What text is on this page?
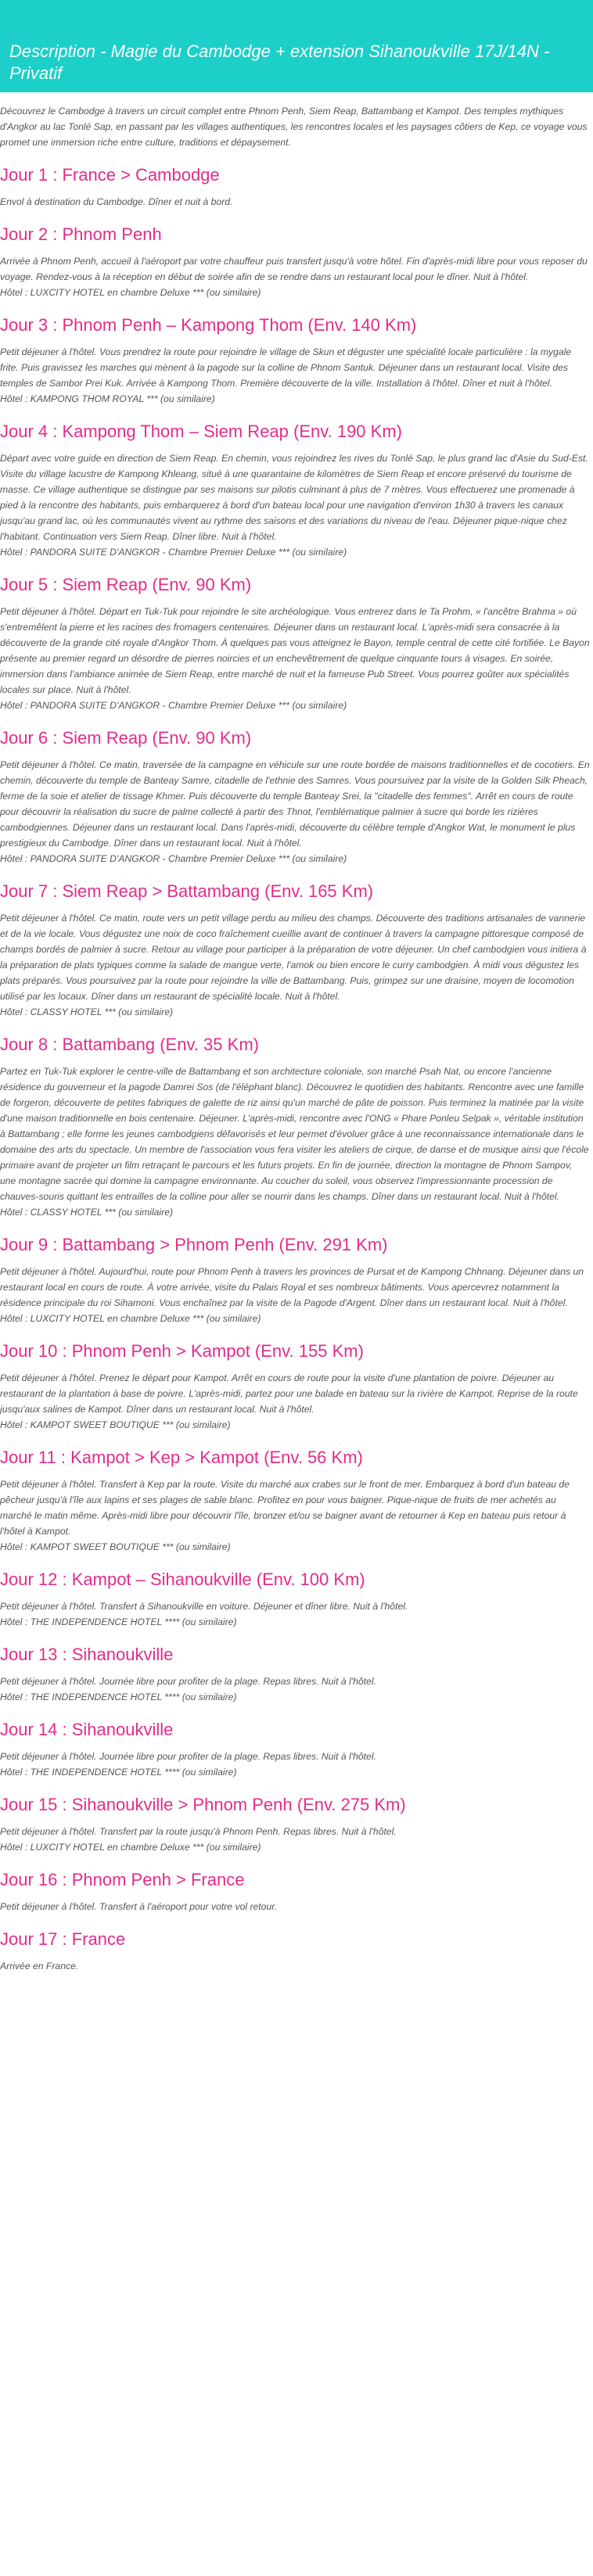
Description - Magie du Cambodge + extension Sihanoukville 17J/14N - Privatif

Découvrez le Cambodge à travers un circuit complet entre Phnom Penh, Siem Reap, Battambang et Kampot. Des temples mythiques d'Angkor au lac Tonlé Sap, en passant par les villages authentiques, les rencontres locales et les paysages côtiers de Kep, ce voyage vous promet une immersion riche entre culture, traditions et dépaysement.

Jour 1 : France > Cambodge

Envol à destination du Cambodge. Dîner et nuit à bord.

Jour 2 : Phnom Penh

Arrivée à Phnom Penh, accueil à l'aéroport par votre chauffeur puis transfert jusqu'à votre hôtel. Fin d'après-midi libre pour vous reposer du voyage. Rendez-vous à la réception en début de soirée afin de se rendre dans un restaurant local pour le dîner. Nuit à l'hôtel.

Hôtel : LUXCITY HOTEL en chambre Deluxe *** (ou similaire)

Jour 3 : Phnom Penh – Kampong Thom (Env. 140 Km)

Petit déjeuner à l'hôtel. Vous prendrez la route pour rejoindre le village de Skun et déguster une spécialité locale particulière : la mygale frite. Puis gravissez les marches qui mènent à la pagode sur la colline de Phnom Santuk. Déjeuner dans un restaurant local. Visite des temples de Sambor Prei Kuk. Arrivée à Kampong Thom. Première découverte de la ville. Installation à l'hôtel. Dîner et nuit à l'hôtel.

Hôtel : KAMPONG THOM ROYAL *** (ou similaire)

Jour 4 : Kampong Thom – Siem Reap (Env. 190 Km)

Départ avec votre guide en direction de Siem Reap. En chemin, vous rejoindrez les rives du Tonlé Sap, le plus grand lac d'Asie du Sud-Est. Visite du village lacustre de Kampong Khleang, situé à une quarantaine de kilomètres de Siem Reap et encore préservé du tourisme de masse. Ce village authentique se distingue par ses maisons sur pilotis culminant à plus de 7 mètres. Vous effectuerez une promenade à pied à la rencontre des habitants, puis embarquerez à bord d'un bateau local pour une navigation d'environ 1h30 à travers les canaux jusqu'au grand lac, où les communautés vivent au rythme des saisons et des variations du niveau de l'eau. Déjeuner pique-nique chez l'habitant. Continuation vers Siem Reap. Dîner libre. Nuit à l'hôtel.

Hôtel : PANDORA SUITE D'ANGKOR - Chambre Premier Deluxe *** (ou similaire)

Jour 5 : Siem Reap (Env. 90 Km)

Petit déjeuner à l'hôtel. Départ en Tuk-Tuk pour rejoindre le site archéologique. Vous entrerez dans le Ta Prohm, « l'ancêtre Brahma » où s'entremêlent la pierre et les racines des fromagers centenaires. Déjeuner dans un restaurant local. L'après-midi sera consacrée à la découverte de la grande cité royale d'Angkor Thom. À quelques pas vous atteignez le Bayon, temple central de cette cité fortifiée. Le Bayon présente au premier regard un désordre de pierres noircies et un enchevêtrement de quelque cinquante tours à visages. En soirée, immersion dans l'ambiance animée de Siem Reap, entre marché de nuit et la fameuse Pub Street. Vous pourrez goûter aux spécialités locales sur place. Nuit à l'hôtel.

Hôtel : PANDORA SUITE D'ANGKOR - Chambre Premier Deluxe *** (ou similaire)

Jour 6 : Siem Reap (Env. 90 Km)

Petit déjeuner à l'hôtel. Ce matin, traversée de la campagne en véhicule sur une route bordée de maisons traditionnelles et de cocotiers. En chemin, découverte du temple de Banteay Samre, citadelle de l'ethnie des Samres. Vous poursuivez par la visite de la Golden Silk Pheach, ferme de la soie et atelier de tissage Khmer. Puis découverte du temple Banteay Srei, la "citadelle des femmes". Arrêt en cours de route pour découvrir la réalisation du sucre de palme collecté à partir des Thnot, l'emblématique palmier à sucre qui borde les rizières cambodgiennes. Déjeuner dans un restaurant local. Dans l'après-midi, découverte du célèbre temple d'Angkor Wat, le monument le plus prestigieux du Cambodge. Dîner dans un restaurant local. Nuit à l'hôtel.

Hôtel : PANDORA SUITE D'ANGKOR - Chambre Premier Deluxe *** (ou similaire)

Jour 7 : Siem Reap > Battambang (Env. 165 Km)

Petit déjeuner à l'hôtel. Ce matin, route vers un petit village perdu au milieu des champs. Découverte des traditions artisanales de vannerie et de la vie locale. Vous dégustez une noix de coco fraîchement cueillie avant de continuer à travers la campagne pittoresque composé de champs bordés de palmier à sucre. Retour au village pour participer à la préparation de votre déjeuner. Un chef cambodgien vous initiera à la préparation de plats typiques comme la salade de mangue verte, l'amok ou bien encore le curry cambodgien. À midi vous dégustez les plats préparés. Vous poursuivez par la route pour rejoindre la ville de Battambang. Puis, grimpez sur une draisine, moyen de locomotion utilisé par les locaux. Dîner dans un restaurant de spécialité locale. Nuit à l'hôtel.

Hôtel : CLASSY HOTEL *** (ou similaire)

Jour 8 : Battambang (Env. 35 Km)

Partez en Tuk-Tuk explorer le centre-ville de Battambang et son architecture coloniale, son marché Psah Nat, ou encore l'ancienne résidence du gouverneur et la pagode Damrei Sos (de l'éléphant blanc). Découvrez le quotidien des habitants. Rencontre avec une famille de forgeron, découverte de petites fabriques de galette de riz ainsi qu'un marché de pâte de poisson. Puis terminez la matinée par la visite d'une maison traditionnelle en bois centenaire. Déjeuner. L'après-midi, rencontre avec l'ONG « Phare Ponleu Selpak », véritable institution à Battambang ; elle forme les jeunes cambodgiens défavorisés et leur permet d'évoluer grâce à une reconnaissance internationale dans le domaine des arts du spectacle. Un membre de l'association vous fera visiter les ateliers de cirque, de danse et de musique ainsi que l'école primaire avant de projeter un film retraçant le parcours et les futurs projets. En fin de journée, direction la montagne de Phnom Sampov, une montagne sacrée qui domine la campagne environnante. Au coucher du soleil, vous observez l'impressionnante procession de chauves-souris quittant les entrailles de la colline pour aller se nourrir dans les champs. Dîner dans un restaurant local. Nuit à l'hôtel.

Hôtel : CLASSY HOTEL *** (ou similaire)

Jour 9 : Battambang > Phnom Penh (Env. 291 Km)

Petit déjeuner à l'hôtel. Aujourd'hui, route pour Phnom Penh à travers les provinces de Pursat et de Kampong Chhnang. Déjeuner dans un restaurant local en cours de route. À votre arrivée, visite du Palais Royal et ses nombreux bâtiments. Vous apercevrez notamment la résidence principale du roi Sihamoni. Vous enchaînez par la visite de la Pagode d'Argent. Dîner dans un restaurant local. Nuit à l'hôtel.

Hôtel : LUXCITY HOTEL en chambre Deluxe *** (ou similaire)

Jour 10 : Phnom Penh > Kampot (Env. 155 Km)

Petit déjeuner à l'hôtel. Prenez le départ pour Kampot. Arrêt en cours de route pour la visite d'une plantation de poivre. Déjeuner au restaurant de la plantation à base de poivre. L'après-midi, partez pour une balade en bateau sur la rivière de Kampot. Reprise de la route jusqu'aux salines de Kampot. Dîner dans un restaurant local. Nuit à l'hôtel.

Hôtel : KAMPOT SWEET BOUTIQUE *** (ou similaire)

Jour 11 : Kampot > Kep > Kampot (Env. 56 Km)

Petit déjeuner à l'hôtel. Transfert à Kep par la route. Visite du marché aux crabes sur le front de mer. Embarquez à bord d'un bateau de pêcheur jusqu'à l'île aux lapins et ses plages de sable blanc. Profitez en pour vous baigner. Pique-nique de fruits de mer achetés au marché le matin même. Après-midi libre pour découvrir l'île, bronzer et/ou se baigner avant de retourner à Kep en bateau puis retour à l'hôtel à Kampot.

Hôtel : KAMPOT SWEET BOUTIQUE *** (ou similaire)

Jour 12 : Kampot – Sihanoukville (Env. 100 Km)

Petit déjeuner à l'hôtel. Transfert à Sihanoukville en voiture. Déjeuner et dîner libre. Nuit à l'hôtel.

Hôtel : THE INDEPENDENCE HOTEL **** (ou similaire)

Jour 13 : Sihanoukville

Petit déjeuner à l'hôtel. Journée libre pour profiter de la plage. Repas libres. Nuit à l'hôtel.

Hôtel : THE INDEPENDENCE HOTEL **** (ou similaire)

Jour 14 : Sihanoukville

Petit déjeuner à l'hôtel. Journée libre pour profiter de la plage. Repas libres. Nuit à l'hôtel.

Hôtel : THE INDEPENDENCE HOTEL **** (ou similaire)

Jour 15 : Sihanoukville > Phnom Penh (Env. 275 Km)

Petit déjeuner à l'hôtel. Transfert par la route jusqu'à Phnom Penh. Repas libres. Nuit à l'hôtel.

Hôtel : LUXCITY HOTEL en chambre Deluxe *** (ou similaire)

Jour 16 : Phnom Penh > France

Petit déjeuner à l'hôtel. Transfert à l'aéroport pour votre vol retour.

Jour 17 : France

Arrivée en France.
